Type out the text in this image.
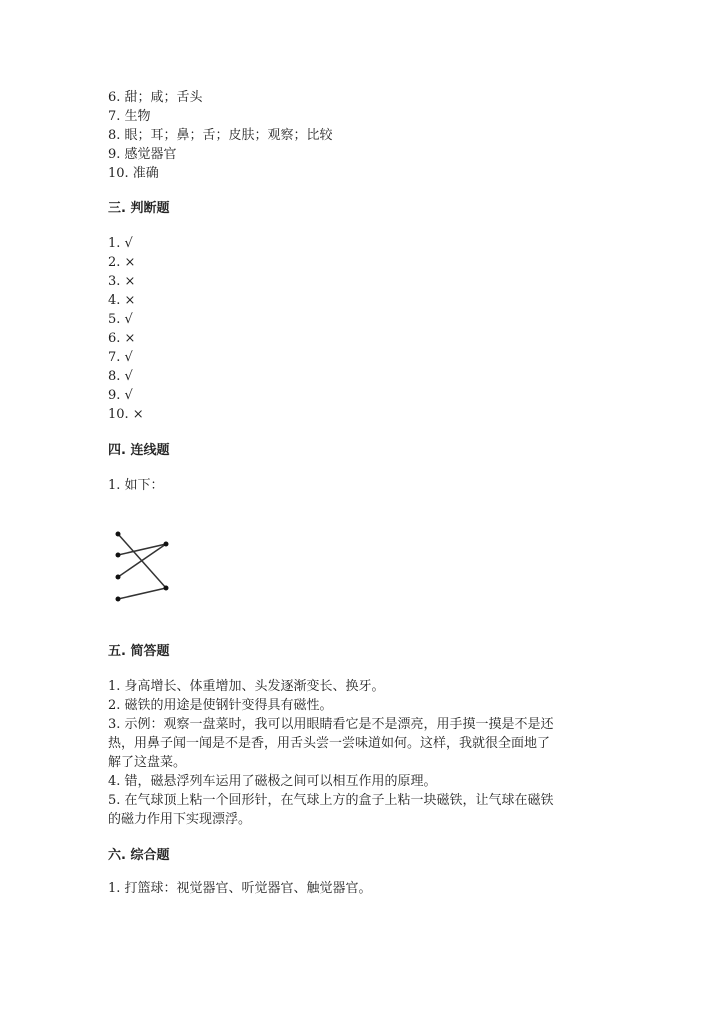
6. 甜；咸；舌头
7. 生物
8. 眼；耳；鼻；舌；皮肤；观察；比较
9. 感觉器官
10. 准确
三. 判断题
四. 连线题
1. 如下：
五. 简答题
六. 综合题
1. 打篮球：视觉器官、听觉器官、触觉器官。
1. √
2. ×
3. ×
4. ×
5. √
6. ×
7. √
8. √
9. √
10. ×
1. 身高增长、体重增加、头发逐渐变长、换牙。
2. 磁铁的用途是使钢针变得具有磁性。
3. 示例：观察一盘菜时，我可以用眼睛看它是不是漂亮，用手摸一摸是不是还
热，用鼻子闻一闻是不是香，用舌头尝一尝味道如何。这样，我就很全面地了
解了这盘菜。
4. 错，磁悬浮列车运用了磁极之间可以相互作用的原理。
5. 在气球顶上粘一个回形针，在气球上方的盒子上粘一块磁铁，让气球在磁铁
的磁力作用下实现漂浮。
